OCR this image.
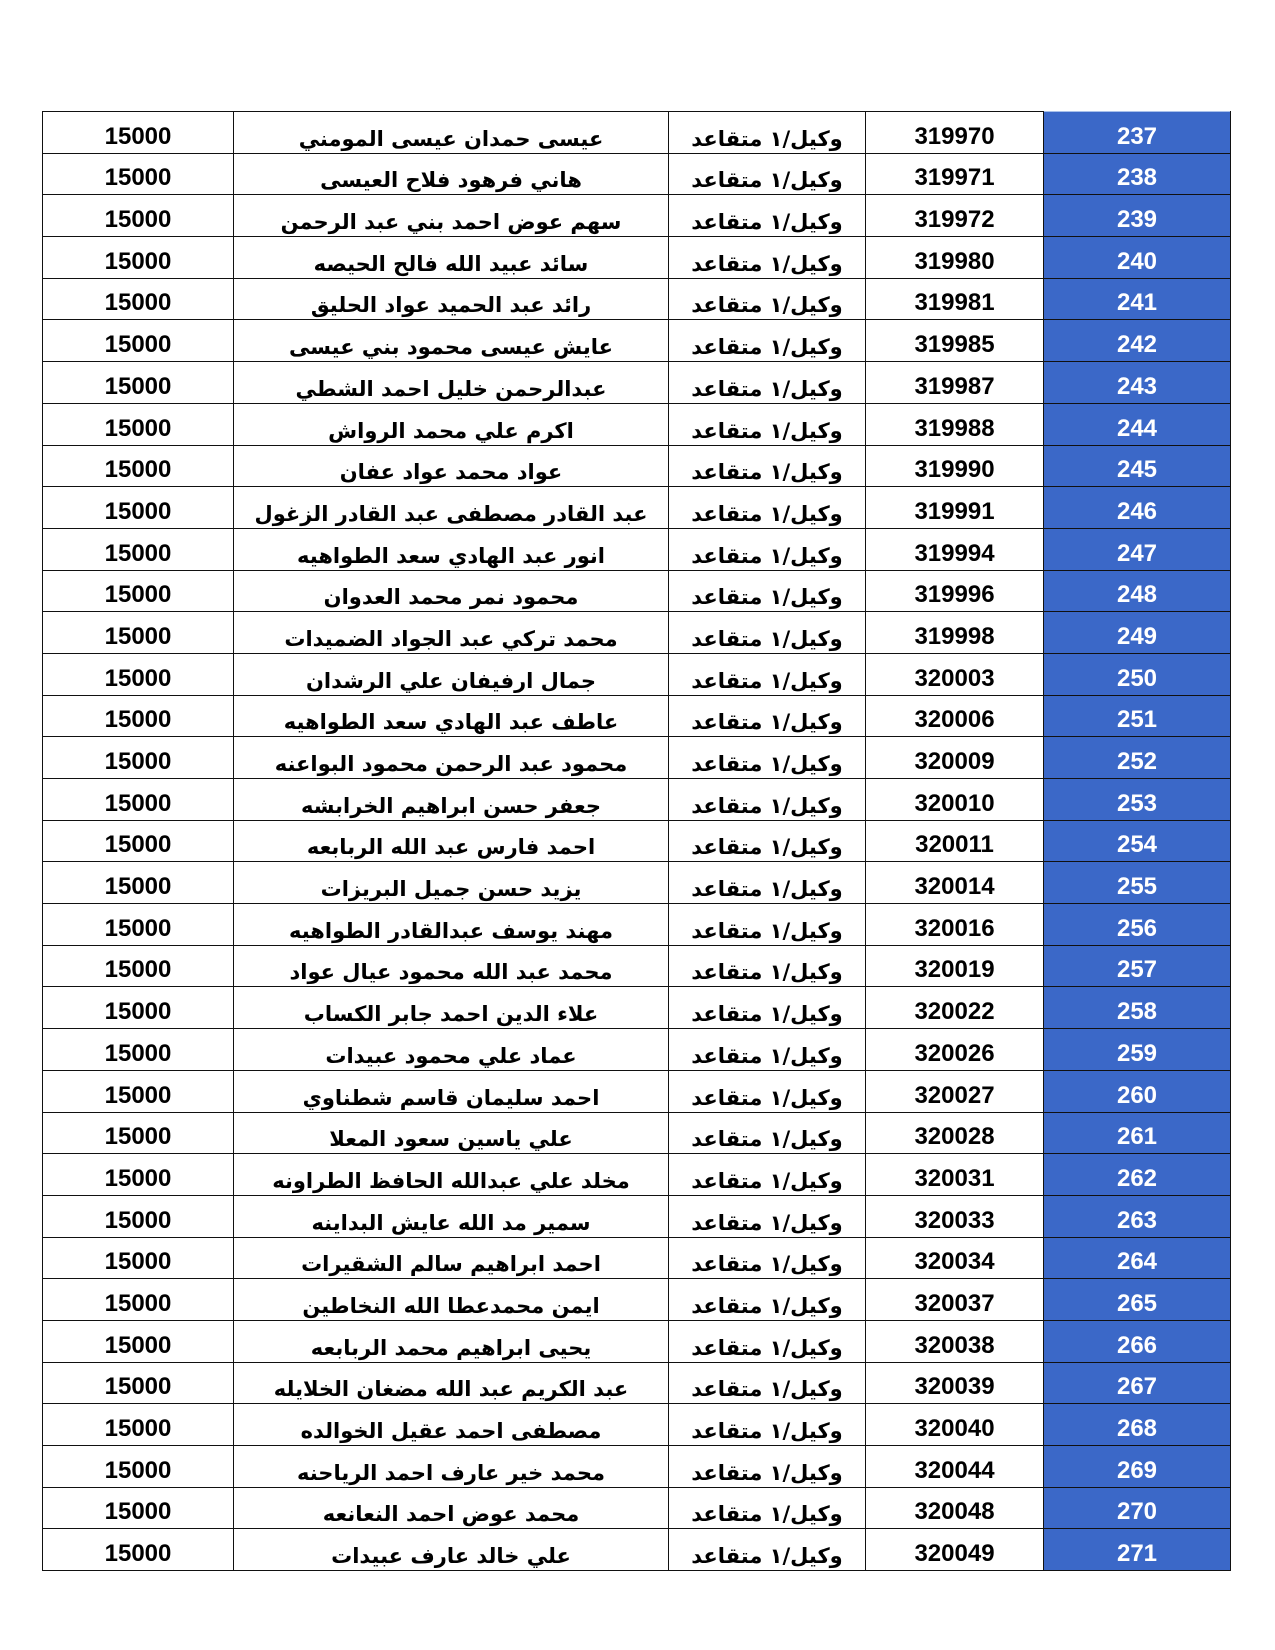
15000	عيسى حمدان عيسى المومني	وكيل/١ متقاعد	319970	237
15000	هاني فرهود فلاح العيسى	وكيل/١ متقاعد	319971	238
15000	سهم عوض احمد بني عبد الرحمن	وكيل/١ متقاعد	319972	239
15000	سائد عبيد الله فالح الحيصه	وكيل/١ متقاعد	319980	240
15000	رائد عبد الحميد عواد الحليق	وكيل/١ متقاعد	319981	241
15000	عايش عيسى محمود بني عيسى	وكيل/١ متقاعد	319985	242
15000	عبدالرحمن خليل احمد الشطي	وكيل/١ متقاعد	319987	243
15000	اكرم علي محمد الرواش	وكيل/١ متقاعد	319988	244
15000	عواد محمد عواد عفان	وكيل/١ متقاعد	319990	245
15000	عبد القادر مصطفى عبد القادر الزغول	وكيل/١ متقاعد	319991	246
15000	انور عبد الهادي سعد الطواهيه	وكيل/١ متقاعد	319994	247
15000	محمود نمر محمد العدوان	وكيل/١ متقاعد	319996	248
15000	محمد تركي عبد الجواد الضميدات	وكيل/١ متقاعد	319998	249
15000	جمال ارفيفان علي الرشدان	وكيل/١ متقاعد	320003	250
15000	عاطف عبد الهادي سعد الطواهيه	وكيل/١ متقاعد	320006	251
15000	محمود عبد الرحمن محمود البواعنه	وكيل/١ متقاعد	320009	252
15000	جعفر حسن ابراهيم الخرابشه	وكيل/١ متقاعد	320010	253
15000	احمد فارس عبد الله الربابعه	وكيل/١ متقاعد	320011	254
15000	يزيد حسن جميل البريزات	وكيل/١ متقاعد	320014	255
15000	مهند يوسف عبدالقادر الطواهيه	وكيل/١ متقاعد	320016	256
15000	محمد عبد الله محمود عيال عواد	وكيل/١ متقاعد	320019	257
15000	علاء الدين احمد جابر الكساب	وكيل/١ متقاعد	320022	258
15000	عماد علي محمود عبيدات	وكيل/١ متقاعد	320026	259
15000	احمد سليمان قاسم شطناوي	وكيل/١ متقاعد	320027	260
15000	علي ياسين سعود المعلا	وكيل/١ متقاعد	320028	261
15000	مخلد علي عبدالله الحافظ الطراونه	وكيل/١ متقاعد	320031	262
15000	سمير مد الله عايش البداينه	وكيل/١ متقاعد	320033	263
15000	احمد ابراهيم سالم الشقيرات	وكيل/١ متقاعد	320034	264
15000	ايمن محمدعطا الله النخاطين	وكيل/١ متقاعد	320037	265
15000	يحيى ابراهيم محمد الربابعه	وكيل/١ متقاعد	320038	266
15000	عبد الكريم عبد الله مضغان الخلايله	وكيل/١ متقاعد	320039	267
15000	مصطفى احمد عقيل الخوالده	وكيل/١ متقاعد	320040	268
15000	محمد خير عارف احمد الرياحنه	وكيل/١ متقاعد	320044	269
15000	محمد عوض احمد النعانعه	وكيل/١ متقاعد	320048	270
15000	علي خالد عارف عبيدات	وكيل/١ متقاعد	320049	271
